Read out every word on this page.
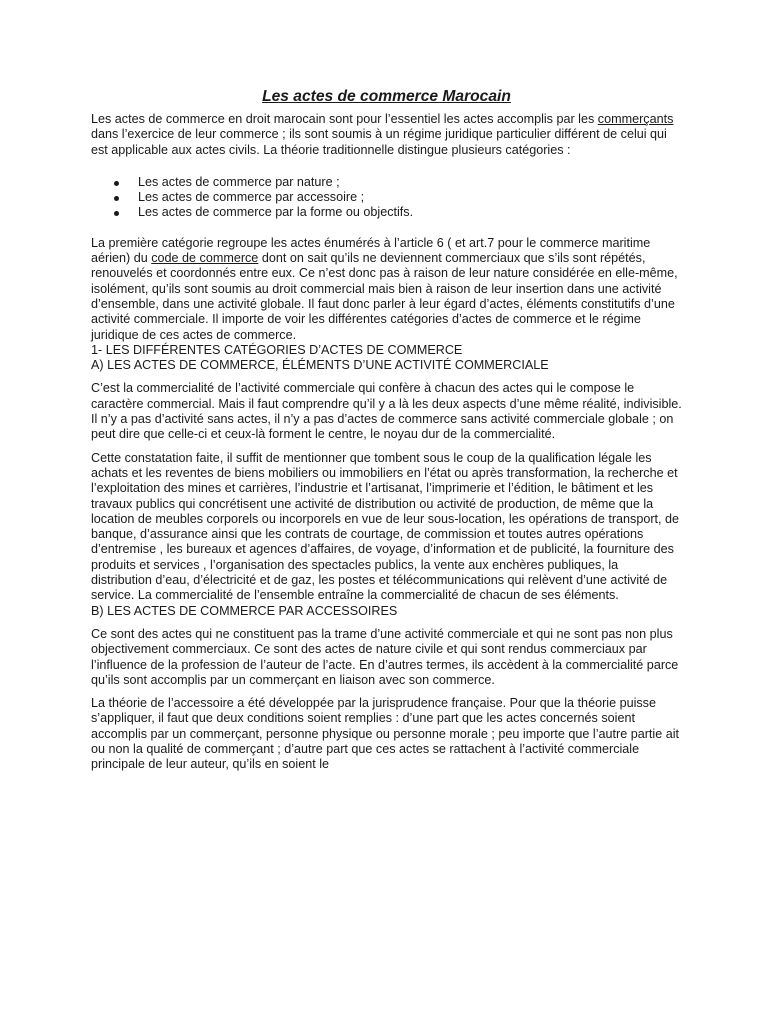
Les actes de commerce Marocain

Les actes de commerce en droit marocain sont pour l’essentiel les actes accomplis par les commerçants dans l’exercice de leur commerce ; ils sont soumis à un régime juridique particulier différent de celui qui est applicable aux actes civils. La théorie traditionnelle distingue plusieurs catégories :

Les actes de commerce par nature ;
Les actes de commerce par accessoire ;
Les actes de commerce par la forme ou objectifs.

La première catégorie regroupe les actes énumérés à l’article 6 ( et art.7 pour le commerce maritime aérien) du code de commerce dont on sait qu’ils ne deviennent commerciaux que s’ils sont répétés, renouvelés et coordonnés entre eux. Ce n’est donc pas à raison de leur nature considérée en elle-même, isolément, qu’ils sont soumis au droit commercial mais bien à raison de leur insertion dans une activité d’ensemble, dans une activité globale. Il faut donc parler à leur égard d’actes, éléments constitutifs d’une activité commerciale. Il importe de voir les différentes catégories d’actes de commerce et le régime juridique de ces actes de commerce.

1- LES DIFFÉRENTES CATÉGORIES D’ACTES DE COMMERCE

A) LES ACTES DE COMMERCE, ÉLÉMENTS D’UNE ACTIVITÉ COMMERCIALE

C’est la commercialité de l’activité commerciale qui confère à chacun des actes qui le compose le caractère commercial. Mais il faut comprendre qu’il y a là les deux aspects d’une même réalité, indivisible. Il n’y a pas d’activité sans actes, il n’y a pas d’actes de commerce sans activité commerciale globale ; on peut dire que celle-ci et ceux-là forment le centre, le noyau dur de la commercialité.

Cette constatation faite, il suffit de mentionner que tombent sous le coup de la qualification légale les achats et les reventes de biens mobiliers ou immobiliers en l’état ou après transformation, la recherche et l’exploitation des mines et carrières, l’industrie et l’artisanat, l’imprimerie et l’édition, le bâtiment et les travaux publics qui concrétisent une activité de distribution ou activité de production, de même que la location de meubles corporels ou incorporels en vue de leur sous-location, les opérations de transport, de banque, d’assurance ainsi que les contrats de courtage, de commission et toutes autres opérations d’entremise , les bureaux et agences d’affaires, de voyage, d’information et de publicité, la fourniture des produits et services , l’organisation des spectacles publics, la vente aux enchères publiques, la distribution d’eau, d’électricité et de gaz, les postes et télécommunications qui relèvent d’une activité de service. La commercialité de l’ensemble entraîne la commercialité de chacun de ses éléments.

B) LES ACTES DE COMMERCE PAR ACCESSOIRES

Ce sont des actes qui ne constituent pas la trame d’une activité commerciale et qui ne sont pas non plus objectivement commerciaux. Ce sont des actes de nature civile et qui sont rendus commerciaux par l’influence de la profession de l’auteur de l’acte. En d’autres termes, ils accèdent à la commercialité parce qu’ils sont accomplis par un commerçant en liaison avec son commerce.

La théorie de l’accessoire a été développée par la jurisprudence française. Pour que la théorie puisse s’appliquer, il faut que deux conditions soient remplies : d’une part que les actes concernés soient accomplis par un commerçant, personne physique ou personne morale ; peu importe que l’autre partie ait ou non la qualité de commerçant ; d’autre part que ces actes se rattachent à l’activité commerciale principale de leur auteur, qu’ils en soient le
